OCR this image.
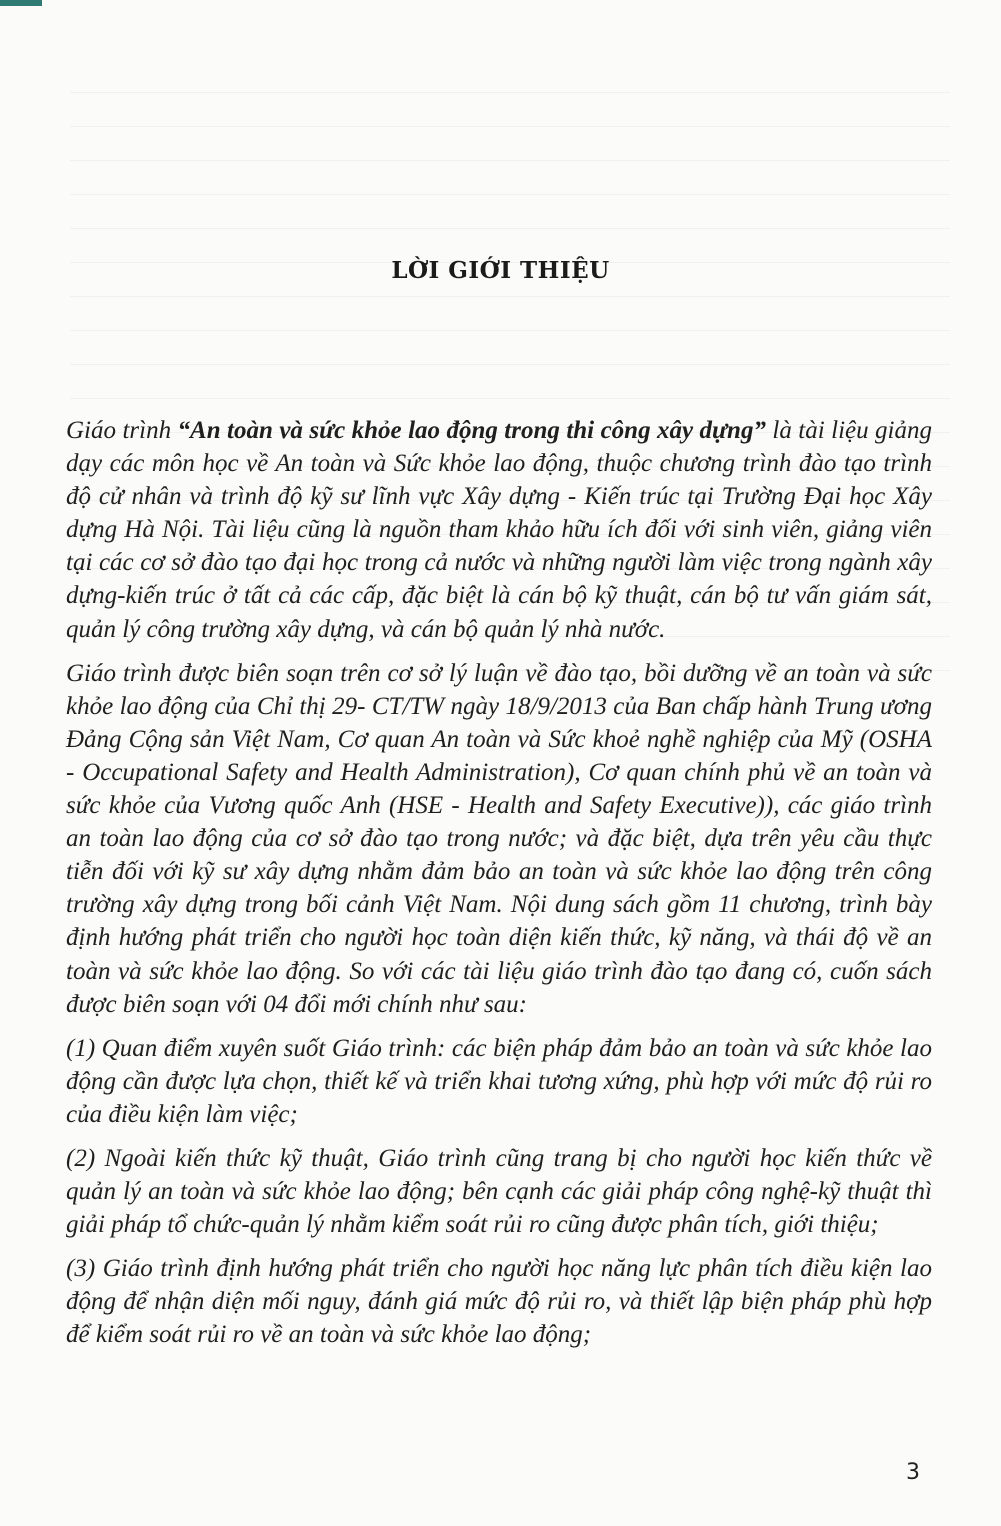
LỜI GIỚI THIỆU

Giáo trình “An toàn và sức khỏe lao động trong thi công xây dựng” là tài liệu giảng dạy các môn học về An toàn và Sức khỏe lao động, thuộc chương trình đào tạo trình độ cử nhân và trình độ kỹ sư lĩnh vực Xây dựng - Kiến trúc tại Trường Đại học Xây dựng Hà Nội. Tài liệu cũng là nguồn tham khảo hữu ích đối với sinh viên, giảng viên tại các cơ sở đào tạo đại học trong cả nước và những người làm việc trong ngành xây dựng-kiến trúc ở tất cả các cấp, đặc biệt là cán bộ kỹ thuật, cán bộ tư vấn giám sát, quản lý công trường xây dựng, và cán bộ quản lý nhà nước.

Giáo trình được biên soạn trên cơ sở lý luận về đào tạo, bồi dưỡng về an toàn và sức khỏe lao động của Chỉ thị 29- CT/TW ngày 18/9/2013 của Ban chấp hành Trung ương Đảng Cộng sản Việt Nam, Cơ quan An toàn và Sức khoẻ nghề nghiệp của Mỹ (OSHA - Occupational Safety and Health Administration), Cơ quan chính phủ về an toàn và sức khỏe của Vương quốc Anh (HSE - Health and Safety Executive)), các giáo trình an toàn lao động của cơ sở đào tạo trong nước; và đặc biệt, dựa trên yêu cầu thực tiễn đối với kỹ sư xây dựng nhằm đảm bảo an toàn và sức khỏe lao động trên công trường xây dựng trong bối cảnh Việt Nam. Nội dung sách gồm 11 chương, trình bày định hướng phát triển cho người học toàn diện kiến thức, kỹ năng, và thái độ về an toàn và sức khỏe lao động. So với các tài liệu giáo trình đào tạo đang có, cuốn sách được biên soạn với 04 đổi mới chính như sau:

(1) Quan điểm xuyên suốt Giáo trình: các biện pháp đảm bảo an toàn và sức khỏe lao động cần được lựa chọn, thiết kế và triển khai tương xứng, phù hợp với mức độ rủi ro của điều kiện làm việc;

(2) Ngoài kiến thức kỹ thuật, Giáo trình cũng trang bị cho người học kiến thức về quản lý an toàn và sức khỏe lao động; bên cạnh các giải pháp công nghệ-kỹ thuật thì giải pháp tổ chức-quản lý nhằm kiểm soát rủi ro cũng được phân tích, giới thiệu;

(3) Giáo trình định hướng phát triển cho người học năng lực phân tích điều kiện lao động để nhận diện mối nguy, đánh giá mức độ rủi ro, và thiết lập biện pháp phù hợp để kiểm soát rủi ro về an toàn và sức khỏe lao động;

3
